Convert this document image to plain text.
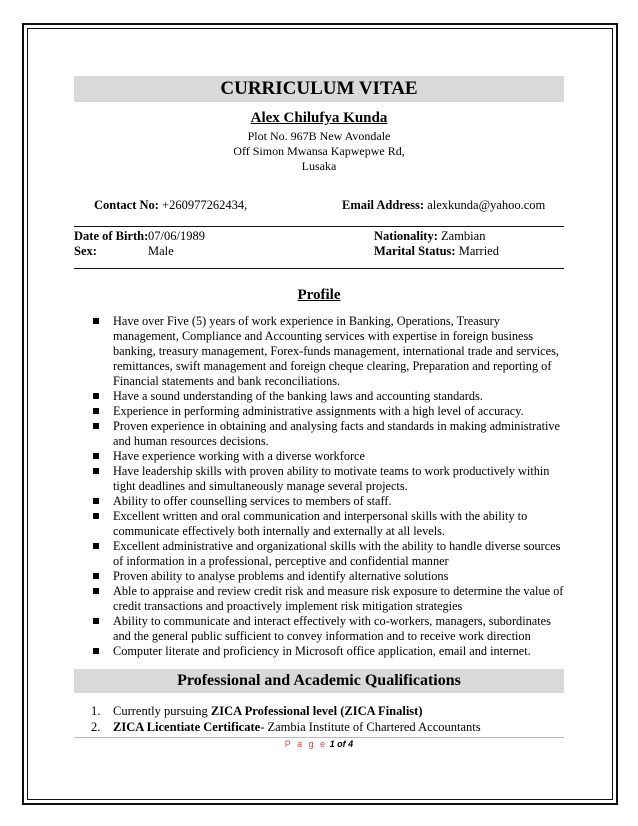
CURRICULUM VITAE
Alex Chilufya Kunda
Plot No. 967B New Avondale
Off Simon Mwansa Kapwepwe Rd,
Lusaka
Contact No: +260977262434,	Email Address: alexkunda@yahoo.com
Date of Birth: 07/06/1989	Nationality: Zambian
Sex:	Male	Marital Status: Married
Profile
Have over Five (5) years of work experience in Banking, Operations, Treasury management, Compliance and Accounting services with expertise in foreign business banking, treasury management, Forex-funds management, international trade and services, remittances, swift management and foreign cheque clearing, Preparation and reporting of Financial statements and bank reconciliations.
Have a sound understanding of the banking laws and accounting standards.
Experience in performing administrative assignments with a high level of accuracy.
Proven experience in obtaining and analysing facts and standards in making administrative and human resources decisions.
Have experience working with a diverse workforce
Have leadership skills with proven ability to motivate teams to work productively within tight deadlines and simultaneously manage several projects.
Ability to offer counselling services to members of staff.
Excellent written and oral communication and interpersonal skills with the ability to communicate effectively both internally and externally at all levels.
Excellent administrative and organizational skills with the ability to handle diverse sources of information in a professional, perceptive and confidential manner
Proven ability to analyse problems and identify alternative solutions
Able to appraise and review credit risk and measure risk exposure to determine the value of credit transactions and proactively implement risk mitigation strategies
Ability to communicate and interact effectively with co-workers, managers, subordinates and the general public sufficient to convey information and to receive work direction
Computer literate and proficiency in Microsoft office application, email and internet.
Professional and Academic Qualifications
1. Currently pursuing ZICA Professional level (ZICA Finalist)
2. ZICA Licentiate Certificate- Zambia Institute of Chartered Accountants
P a g e 1 of 4
